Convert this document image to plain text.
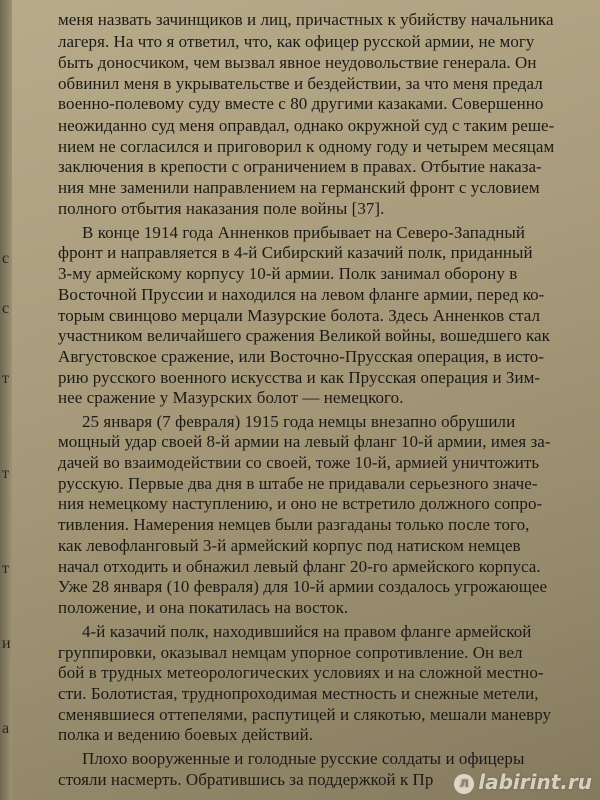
с
с
т
т
т
и
а
меня назвать зачинщиков и лиц, причастных к убийству начальника
лагеря. На что я ответил, что, как офицер русской армии, не могу
быть доносчиком, чем вызвал явное неудовольствие генерала. Он
обвинил меня в укрывательстве и бездействии, за что меня предал
военно-полевому суду вместе с 80 другими казаками. Совершенно
неожиданно суд меня оправдал, однако окружной суд с таким реше-
нием не согласился и приговорил к одному году и четырем месяцам
заключения в крепости с ограничением в правах. Отбытие наказа-
ния мне заменили направлением на германский фронт с условием
полного отбытия наказания поле войны [37].
В конце 1914 года Анненков прибывает на Северо-Западный
фронт и направляется в 4-й Сибирский казачий полк, приданный
3-му армейскому корпусу 10-й армии. Полк занимал оборону в
Восточной Пруссии и находился на левом фланге армии, перед ко-
торым свинцово мерцали Мазурские болота. Здесь Анненков стал
участником величайшего сражения Великой войны, вошедшего как
Августовское сражение, или Восточно-Прусская операция, в исто-
рию русского военного искусства и как Прусская операция и Зим-
нее сражение у Мазурских болот — немецкого.
25 января (7 февраля) 1915 года немцы внезапно обрушили
мощный удар своей 8-й армии на левый фланг 10-й армии, имея за-
дачей во взаимодействии со своей, тоже 10-й, армией уничтожить
русскую. Первые два дня в штабе не придавали серьезного значе-
ния немецкому наступлению, и оно не встретило должного сопро-
тивления. Намерения немцев были разгаданы только после того,
как левофланговый 3-й армейский корпус под натиском немцев
начал отходить и обнажил левый фланг 20-го армейского корпуса.
Уже 28 января (10 февраля) для 10-й армии создалось угрожающее
положение, и она покатилась на восток.
4-й казачий полк, находившийся на правом фланге армейской
группировки, оказывал немцам упорное сопротивление. Он вел
бой в трудных метеорологических условиях и на сложной местно-
сти. Болотистая, труднопроходимая местность и снежные метели,
сменявшиеся оттепелями, распутицей и слякотью, мешали маневру
полка и ведению боевых действий.
Плохо вооруженные и голодные русские солдаты и офицеры
стояли насмерть. Обратившись за поддержкой к Пр	л labirint.ru
